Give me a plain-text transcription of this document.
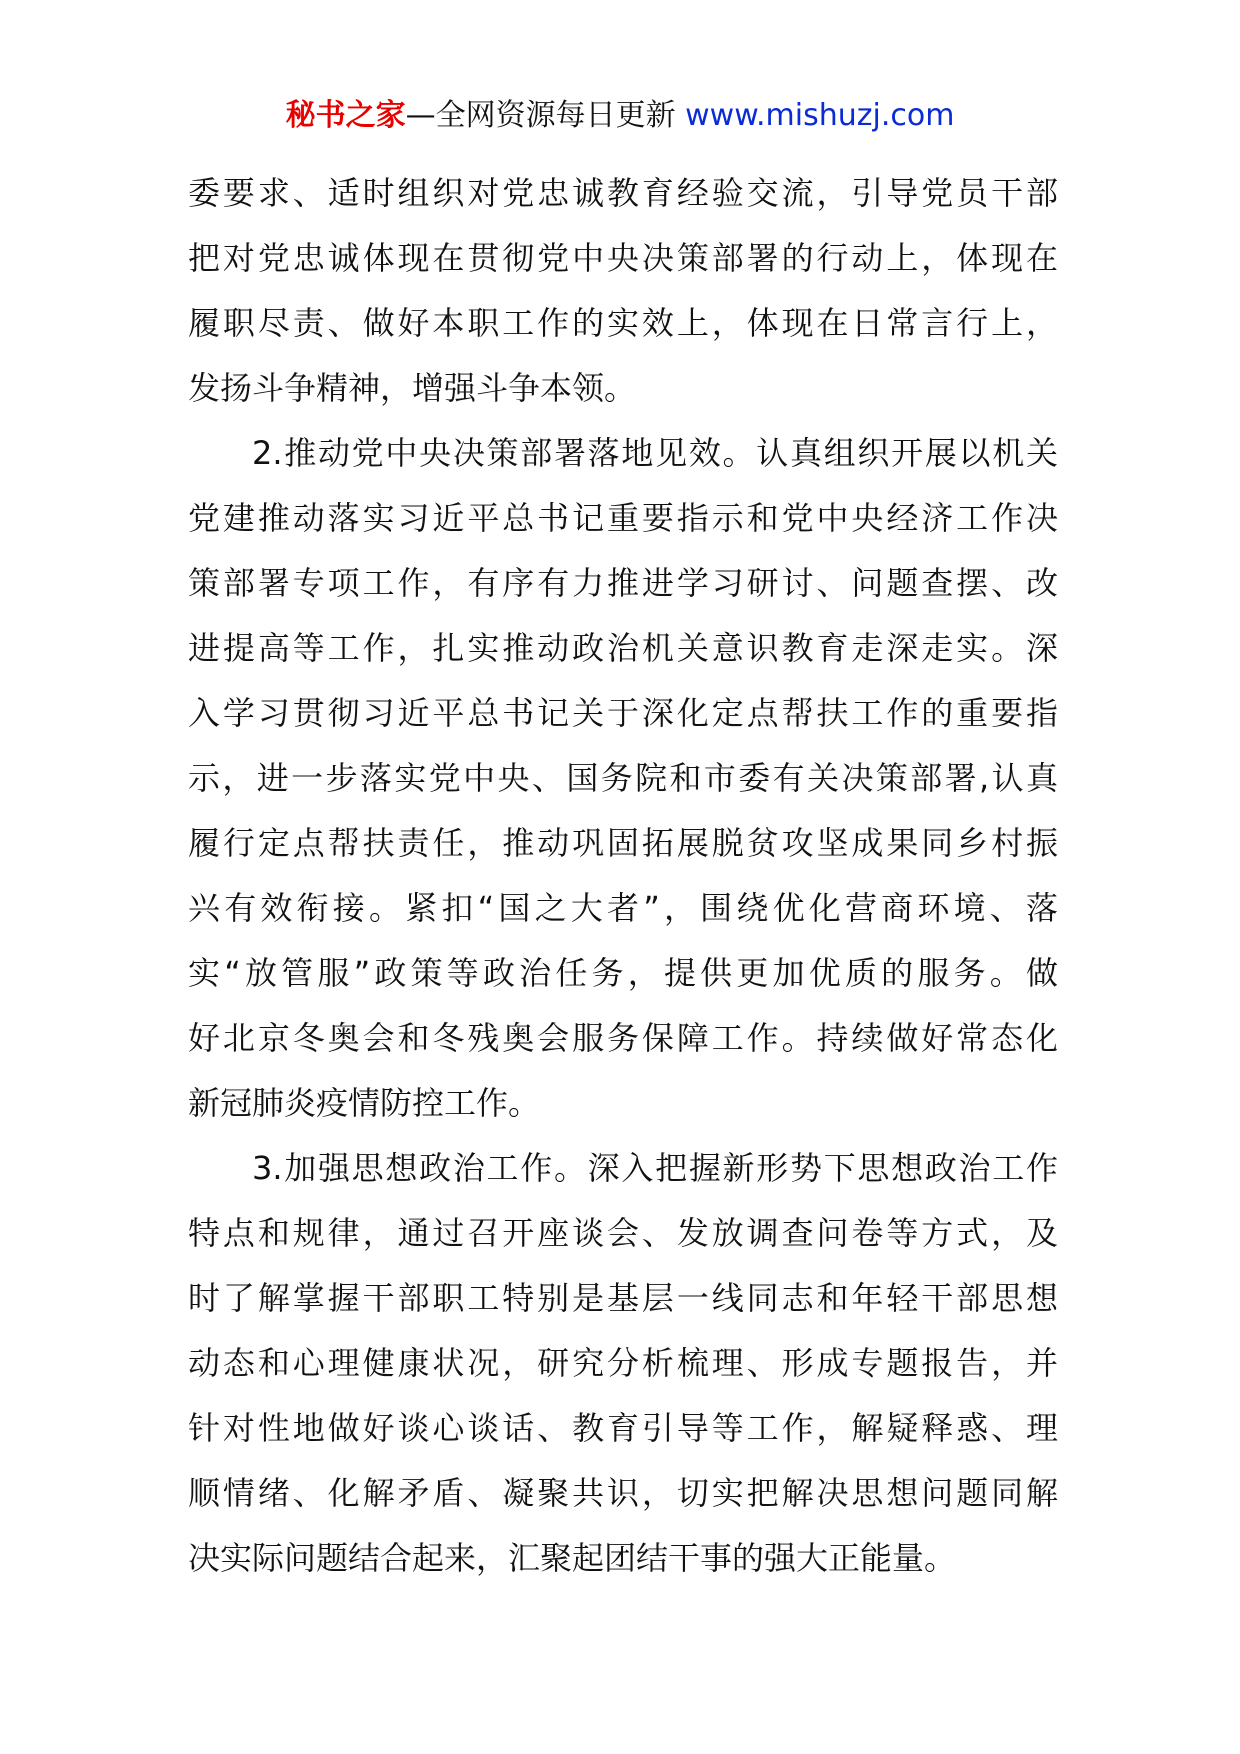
秘书之家—全网资源每日更新 www.mishuzj.com
委要求、适时组织对党忠诚教育经验交流，引导党员干部
把对党忠诚体现在贯彻党中央决策部署的行动上，体现在
履职尽责、做好本职工作的实效上，体现在日常言行上，
发扬斗争精神，增强斗争本领。
2.推动党中央决策部署落地见效。认真组织开展以机关
党建推动落实习近平总书记重要指示和党中央经济工作决
策部署专项工作，有序有力推进学习研讨、问题查摆、改
进提高等工作，扎实推动政治机关意识教育走深走实。深
入学习贯彻习近平总书记关于深化定点帮扶工作的重要指
示，进一步落实党中央、国务院和市委有关决策部署,认真
履行定点帮扶责任，推动巩固拓展脱贫攻坚成果同乡村振
兴有效衔接。紧扣“国之大者”，围绕优化营商环境、落
实“放管服”政策等政治任务，提供更加优质的服务。做
好北京冬奥会和冬残奥会服务保障工作。持续做好常态化
新冠肺炎疫情防控工作。
3.加强思想政治工作。深入把握新形势下思想政治工作
特点和规律，通过召开座谈会、发放调查问卷等方式，及
时了解掌握干部职工特别是基层一线同志和年轻干部思想
动态和心理健康状况，研究分析梳理、形成专题报告，并
针对性地做好谈心谈话、教育引导等工作，解疑释惑、理
顺情绪、化解矛盾、凝聚共识，切实把解决思想问题同解
决实际问题结合起来，汇聚起团结干事的强大正能量。
